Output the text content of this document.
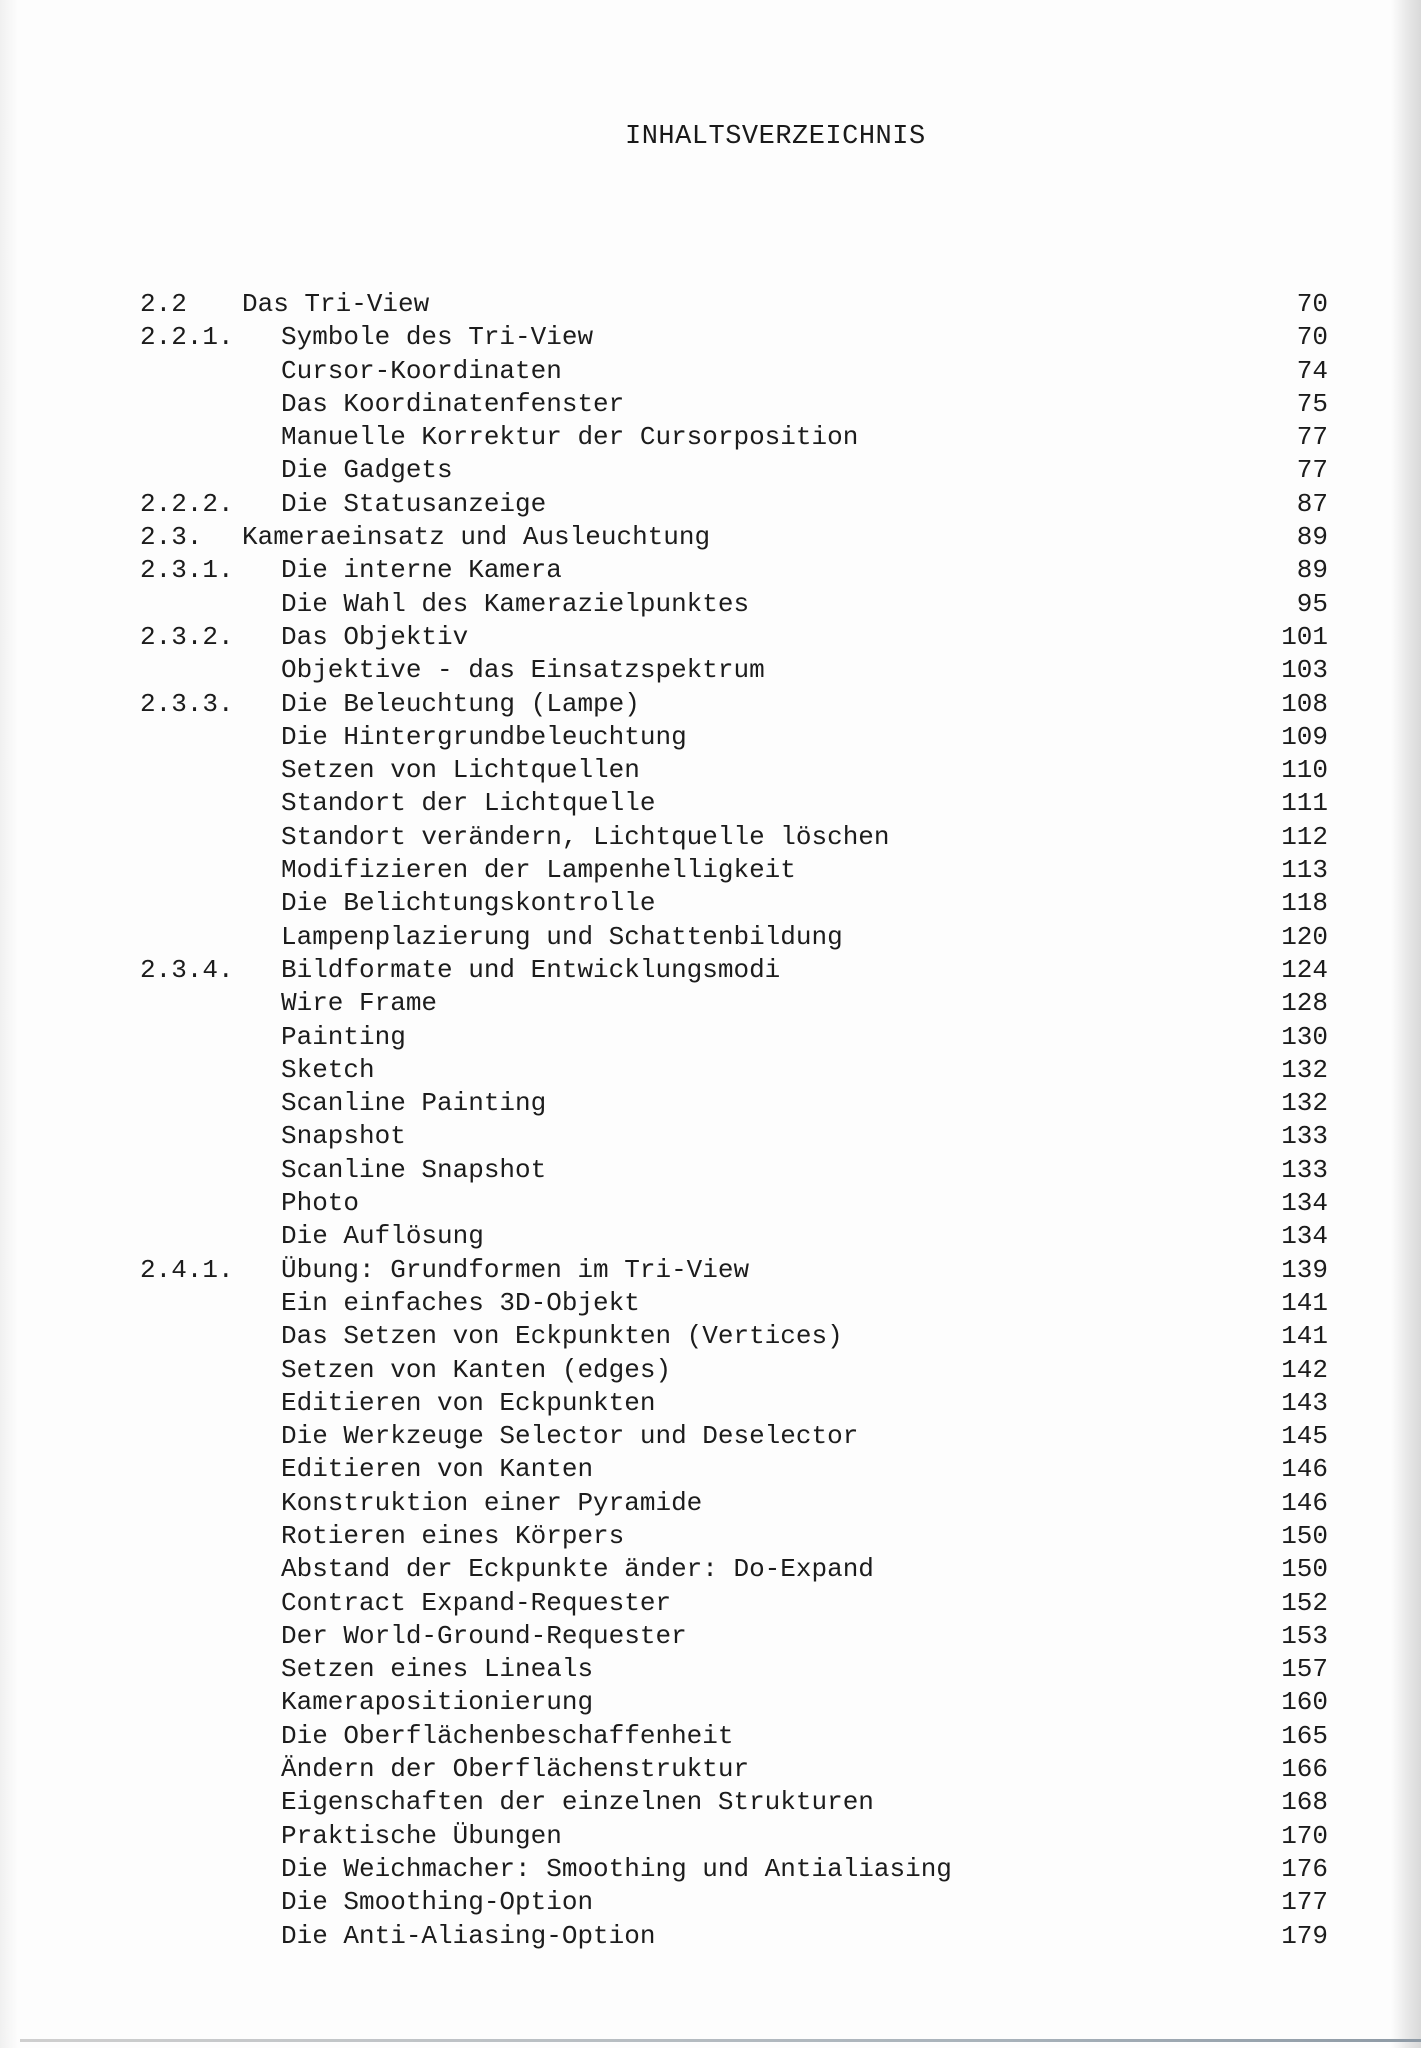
INHALTSVERZEICHNIS
2.2 Das Tri-View	70
2.2.1. Symbole des Tri-View	70
Cursor-Koordinaten	74
Das Koordinatenfenster	75
Manuelle Korrektur der Cursorposition	77
Die Gadgets	77
2.2.2. Die Statusanzeige	87
2.3. Kameraeinsatz und Ausleuchtung	89
2.3.1. Die interne Kamera	89
Die Wahl des Kamerazielpunktes	95
2.3.2. Das Objektiv	101
Objektive - das Einsatzspektrum	103
2.3.3. Die Beleuchtung (Lampe)	108
Die Hintergrundbeleuchtung	109
Setzen von Lichtquellen	110
Standort der Lichtquelle	111
Standort verändern, Lichtquelle löschen	112
Modifizieren der Lampenhelligkeit	113
Die Belichtungskontrolle	118
Lampenplazierung und Schattenbildung	120
2.3.4. Bildformate und Entwicklungsmodi	124
Wire Frame	128
Painting	130
Sketch	132
Scanline Painting	132
Snapshot	133
Scanline Snapshot	133
Photo	134
Die Auflösung	134
2.4.1. Übung: Grundformen im Tri-View	139
Ein einfaches 3D-Objekt	141
Das Setzen von Eckpunkten (Vertices)	141
Setzen von Kanten (edges)	142
Editieren von Eckpunkten	143
Die Werkzeuge Selector und Deselector	145
Editieren von Kanten	146
Konstruktion einer Pyramide	146
Rotieren eines Körpers	150
Abstand der Eckpunkte änder: Do-Expand	150
Contract Expand-Requester	152
Der World-Ground-Requester	153
Setzen eines Lineals	157
Kamerapositionierung	160
Die Oberflächenbeschaffenheit	165
Ändern der Oberflächenstruktur	166
Eigenschaften der einzelnen Strukturen	168
Praktische Übungen	170
Die Weichmacher: Smoothing und Antialiasing	176
Die Smoothing-Option	177
Die Anti-Aliasing-Option	179
